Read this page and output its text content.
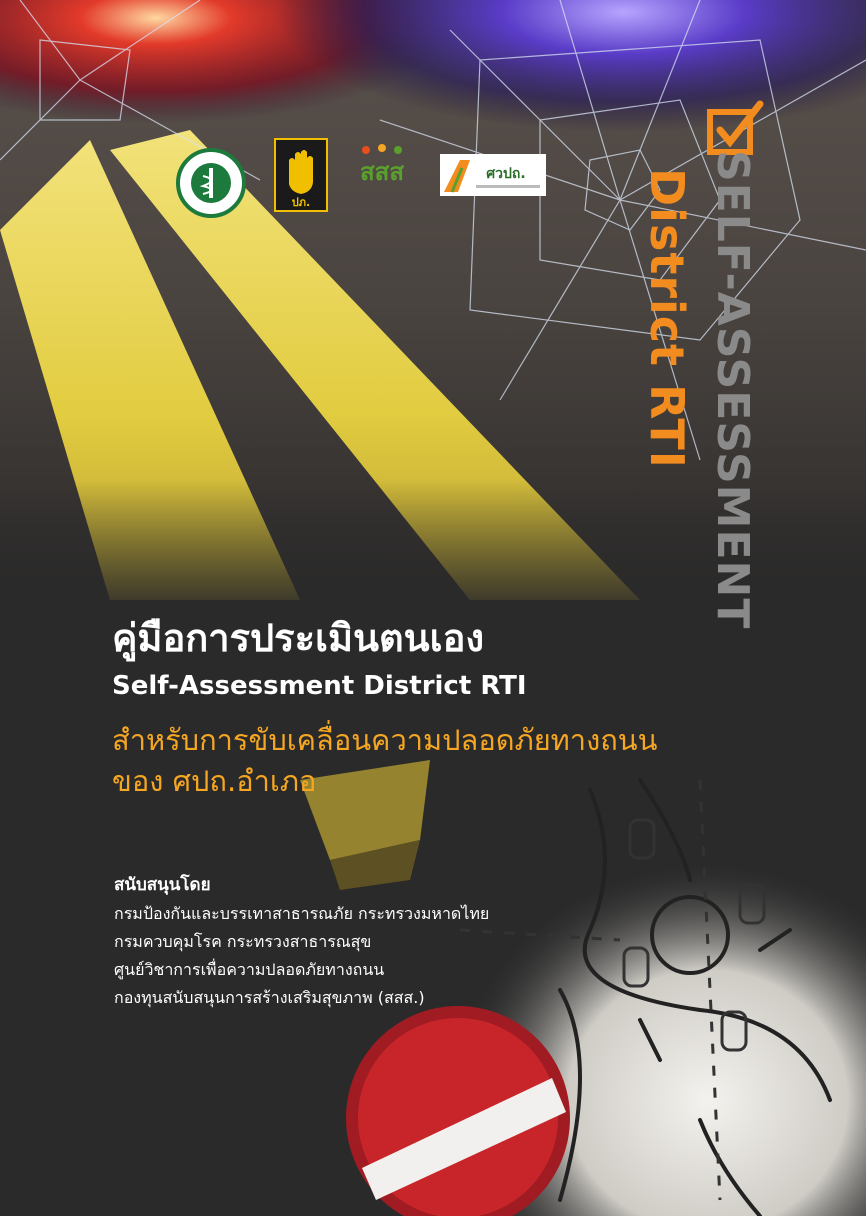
ปภ.
สสส	ศวปถ.	SELF-ASSESSMENT
District RTI
คู่มือการประเมินตนเอง
Self-Assessment District RTI

สำหรับการขับเคลื่อนความปลอดภัยทางถนน
ของ ศปถ.อำเภอ

สนับสนุนโดย
กรมป้องกันและบรรเทาสาธารณภัย กระทรวงมหาดไทย
กรมควบคุมโรค กระทรวงสาธารณสุข
ศูนย์วิชาการเพื่อความปลอดภัยทางถนน
กองทุนสนับสนุนการสร้างเสริมสุขภาพ (สสส.)
